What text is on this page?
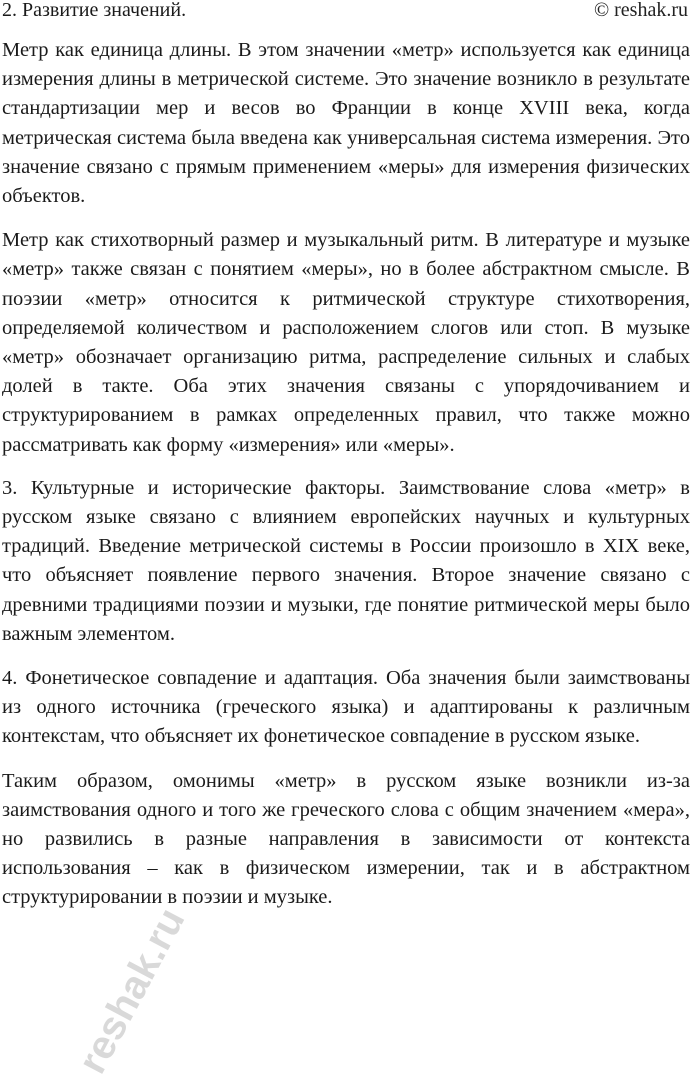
2. Развитие значений.	© reshak.ru

Метр как единица длины. В этом значении «метр» используется как единица измерения длины в метрической системе. Это значение возникло в результате стандартизации мер и весов во Франции в конце XVIII века, когда метрическая система была введена как универсальная система измерения. Это значение связано с прямым применением «меры» для измерения физических объектов.

Метр как стихотворный размер и музыкальный ритм. В литературе и музыке «метр» также связан с понятием «меры», но в более абстрактном смысле. В поэзии «метр» относится к ритмической структуре стихотворения, определяемой количеством и расположением слогов или стоп. В музыке «метр» обозначает организацию ритма, распределение сильных и слабых долей в такте. Оба этих значения связаны с упорядочиванием и структурированием в рамках определенных правил, что также можно рассматривать как форму «измерения» или «меры».

3. Культурные и исторические факторы. Заимствование слова «метр» в русском языке связано с влиянием европейских научных и культурных традиций. Введение метрической системы в России произошло в XIX веке, что объясняет появление первого значения. Второе значение связано с древними традициями поэзии и музыки, где понятие ритмической меры было важным элементом.

4. Фонетическое совпадение и адаптация. Оба значения были заимствованы из одного источника (греческого языка) и адаптированы к различным контекстам, что объясняет их фонетическое совпадение в русском языке.

Таким образом, омонимы «метр» в русском языке возникли из-за заимствования одного и того же греческого слова с общим значением «мера», но развились в разные направления в зависимости от контекста использования – как в физическом измерении, так и в абстрактном структурировании в поэзии и музыке.

reshak.ru
